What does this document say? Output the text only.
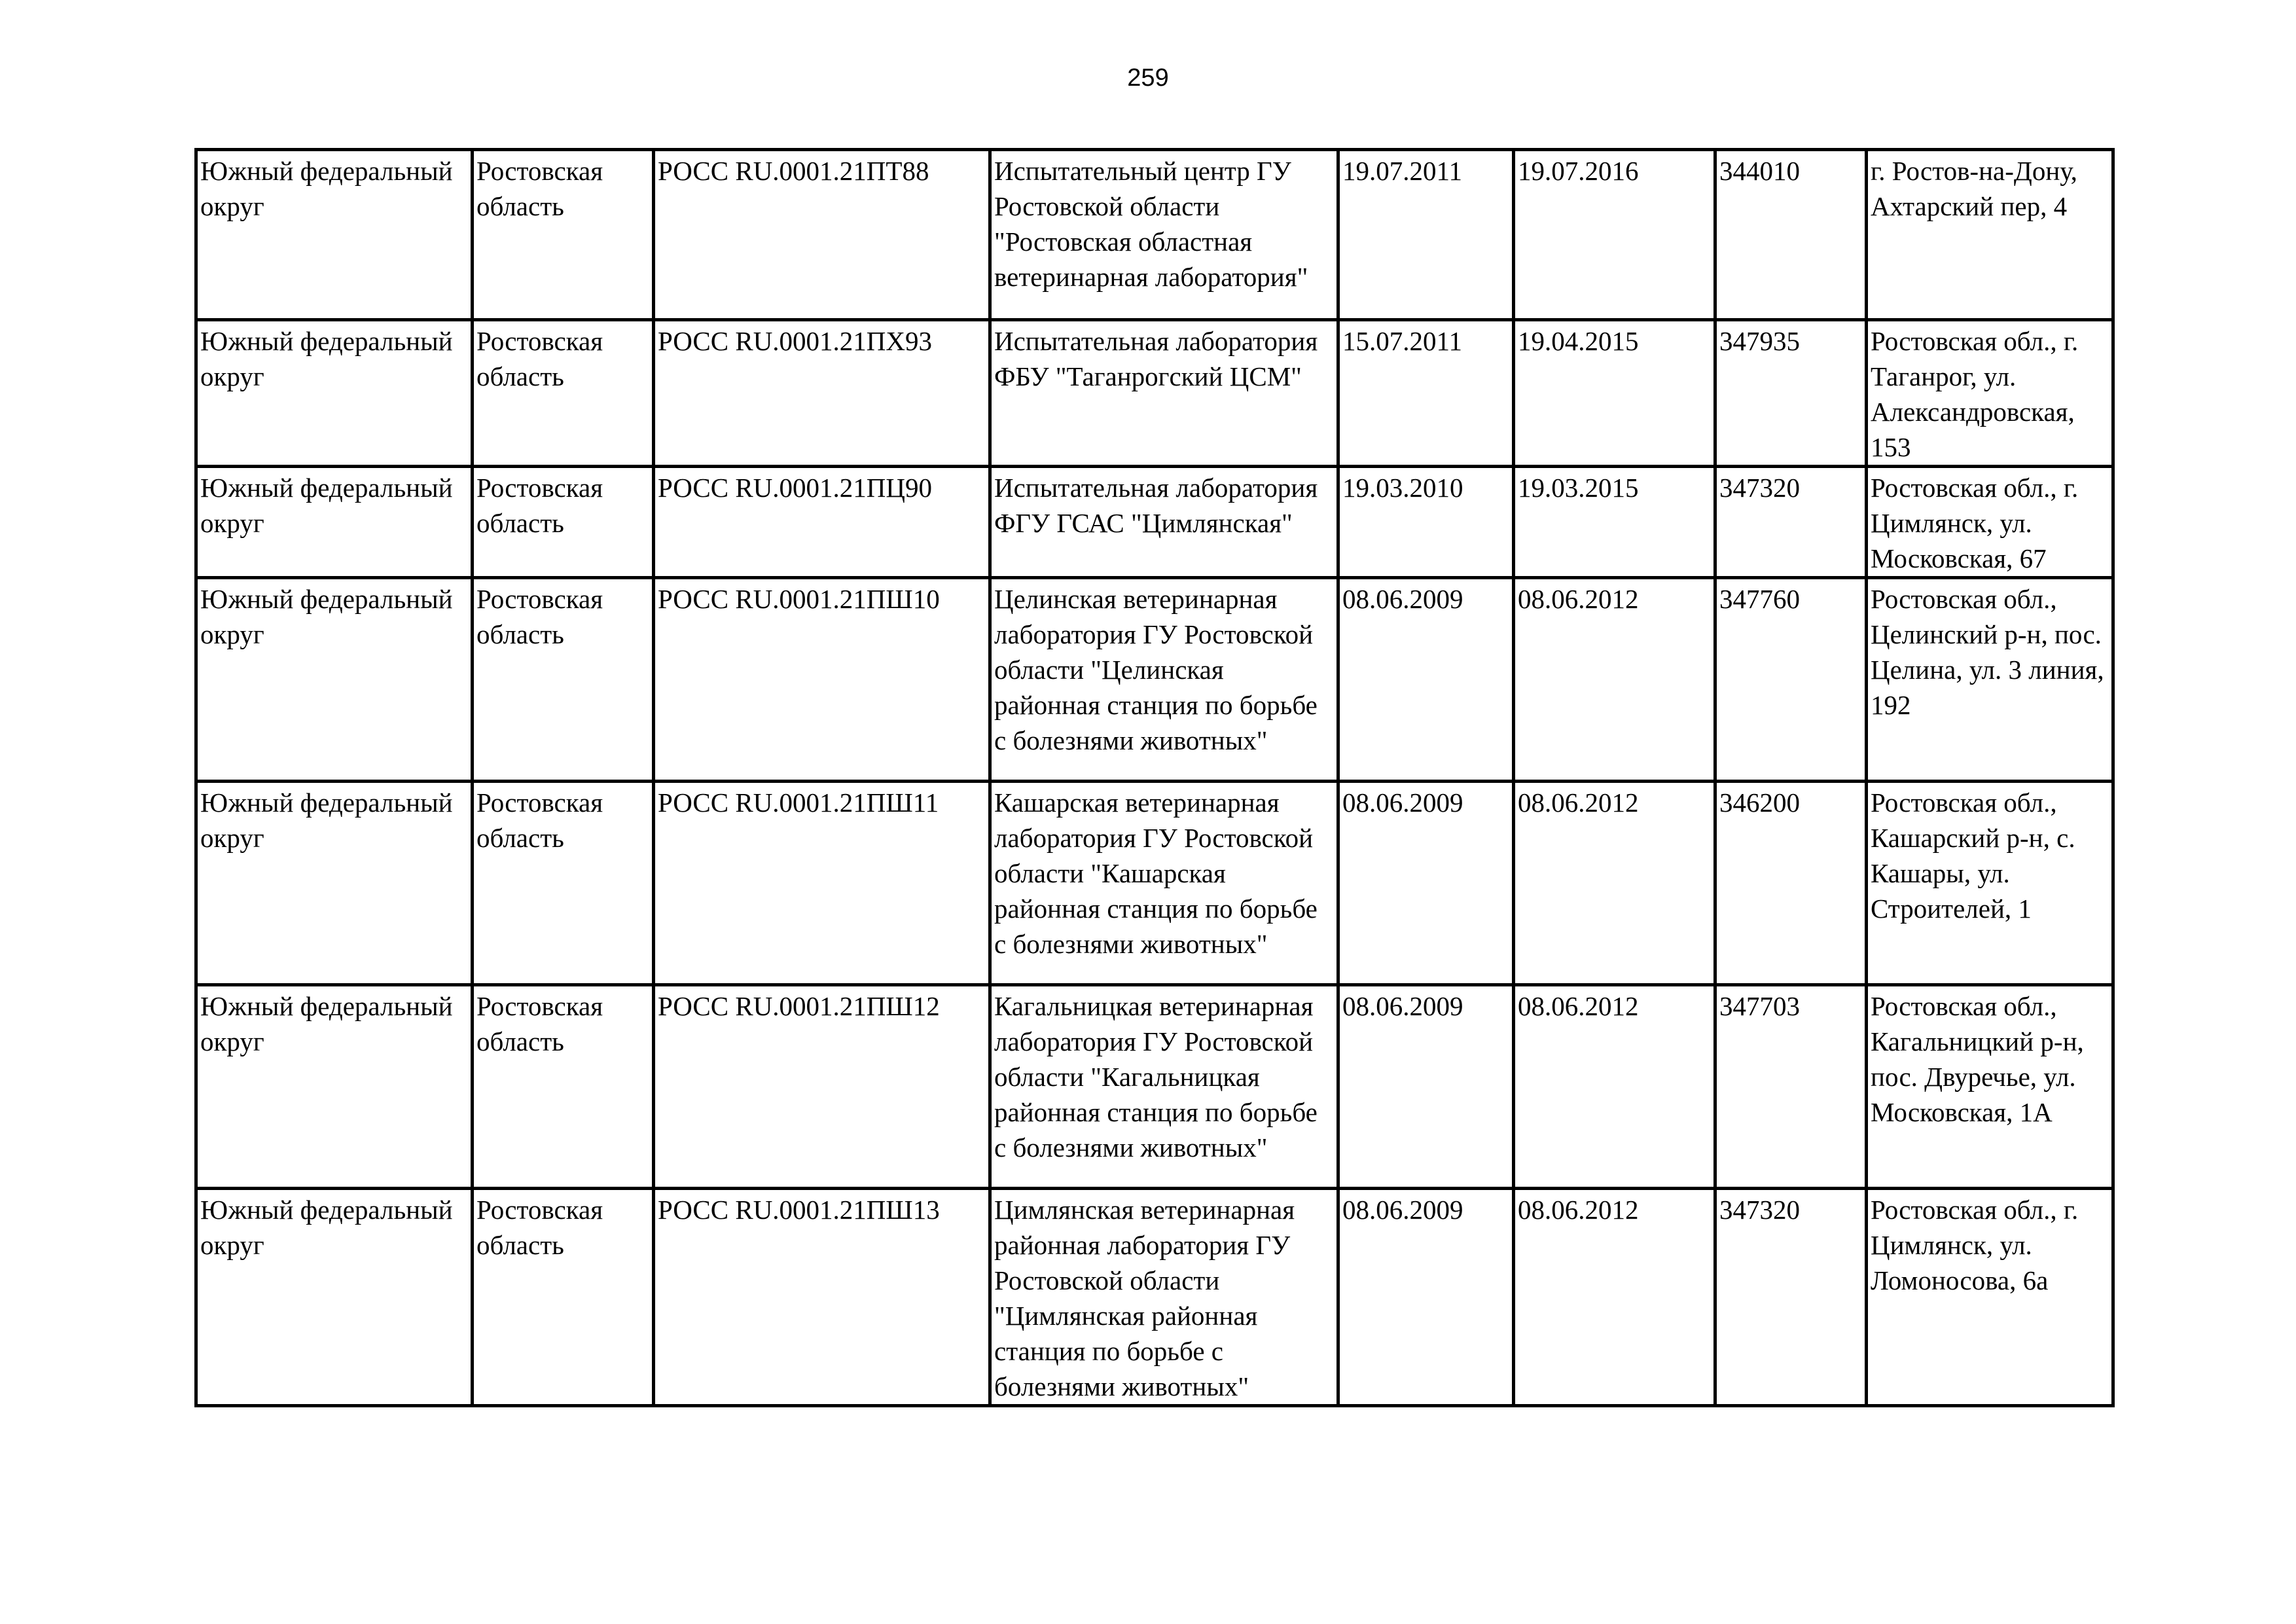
259
Южный федеральный округ	Ростовская область	РОСС RU.0001.21ПТ88	Испытательный центр ГУ Ростовской области "Ростовская областная ветеринарная лаборатория"	19.07.2011	19.07.2016	344010	г. Ростов-на-Дону, Ахтарский пер, 4
Южный федеральный округ	Ростовская область	РОСС RU.0001.21ПХ93	Испытательная лаборатория ФБУ "Таганрогский ЦСМ"	15.07.2011	19.04.2015	347935	Ростовская обл., г. Таганрог, ул. Александровская, 153
Южный федеральный округ	Ростовская область	РОСС RU.0001.21ПЦ90	Испытательная лаборатория ФГУ ГСАС "Цимлянская"	19.03.2010	19.03.2015	347320	Ростовская обл., г. Цимлянск, ул. Московская, 67
Южный федеральный округ	Ростовская область	РОСС RU.0001.21ПШ10	Целинская ветеринарная лаборатория ГУ Ростовской области "Целинская районная станция по борьбе с болезнями животных"	08.06.2009	08.06.2012	347760	Ростовская обл., Целинский р-н, пос. Целина, ул. 3 линия, 192
Южный федеральный округ	Ростовская область	РОСС RU.0001.21ПШ11	Кашарская ветеринарная лаборатория ГУ Ростовской области "Кашарская районная станция по борьбе с болезнями животных"	08.06.2009	08.06.2012	346200	Ростовская обл., Кашарский р-н, с. Кашары, ул. Строителей, 1
Южный федеральный округ	Ростовская область	РОСС RU.0001.21ПШ12	Кагальницкая ветеринарная лаборатория ГУ Ростовской области "Кагальницкая районная станция по борьбе с болезнями животных"	08.06.2009	08.06.2012	347703	Ростовская обл., Кагальницкий р-н, пос. Двуречье, ул. Московская, 1А
Южный федеральный округ	Ростовская область	РОСС RU.0001.21ПШ13	Цимлянская ветеринарная районная лаборатория ГУ Ростовской области "Цимлянская районная станция по борьбе с болезнями животных"	08.06.2009	08.06.2012	347320	Ростовская обл., г. Цимлянск, ул. Ломоносова, 6а
